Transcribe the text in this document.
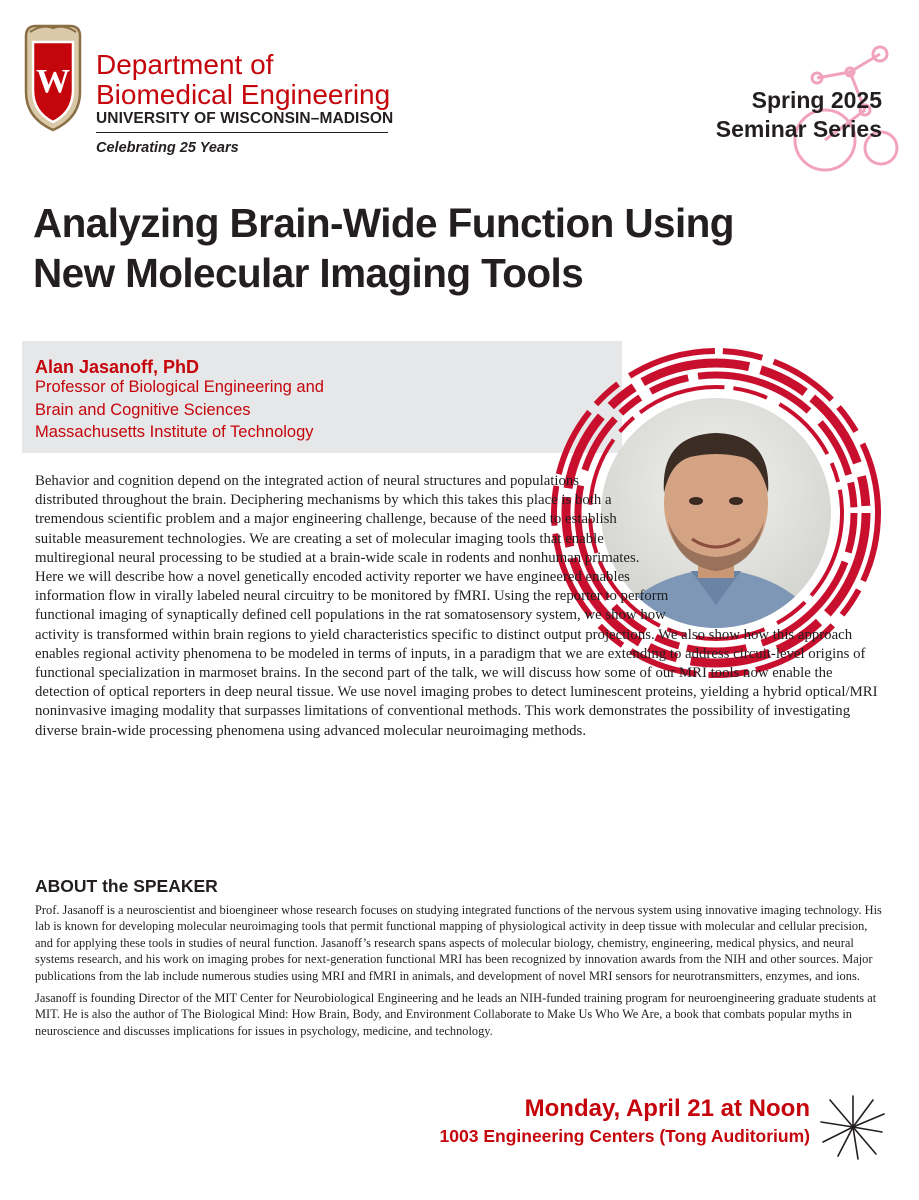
W Department of
Biomedical Engineering
UNIVERSITY OF WISCONSIN–MADISON
Celebrating 25 Years
Spring 2025
Seminar Series
Analyzing Brain-Wide Function Using
New Molecular Imaging Tools
Alan Jasanoff, PhD
Professor of Biological Engineering and
Brain and Cognitive Sciences
Massachusetts Institute of Technology
Behavior and cognition depend on the integrated action of neural structures and populations distributed throughout the brain. Deciphering mechanisms by which this takes this place is both a tremendous scientific problem and a major engineering challenge, because of the need to establish suitable measurement technologies. We are creating a set of molecular imaging tools that enable multiregional neural processing to be studied at a brain-wide scale in rodents and nonhuman primates. Here we will describe how a novel genetically encoded activity reporter we have engineered enables information flow in virally labeled neural circuitry to be monitored by fMRI. Using the reporter to perform functional imaging of synaptically defined cell populations in the rat somatosensory system, we show how activity is transformed within brain regions to yield characteristics specific to distinct output projections. We also show how this approach enables regional activity phenomena to be modeled in terms of inputs, in a paradigm that we are extending to address circuit-level origins of functional specialization in marmoset brains. In the second part of the talk, we will discuss how some of our MRI tools now enable the detection of optical reporters in deep neural tissue. We use novel imaging probes to detect luminescent proteins, yielding a hybrid optical/MRI noninvasive imaging modality that surpasses limitations of conventional methods. This work demonstrates the possibility of investigating diverse brain-wide processing phenomena using advanced molecular neuroimaging methods.
ABOUT the SPEAKER

Prof. Jasanoff is a neuroscientist and bioengineer whose research focuses on studying integrated functions of the nervous system using innovative imaging technology. His lab is known for developing molecular neuroimaging tools that permit functional mapping of physiological activity in deep tissue with molecular and cellular precision, and for applying these tools in studies of neural function. Jasanoff’s research spans aspects of molecular biology, chemistry, engineering, medical physics, and neural systems research, and his work on imaging probes for next-generation functional MRI has been recognized by innovation awards from the NIH and other sources. Major publications from the lab include numerous studies using MRI and fMRI in animals, and development of novel MRI sensors for neurotransmitters, enzymes, and ions.

Jasanoff is founding Director of the MIT Center for Neurobiological Engineering and he leads an NIH-funded training program for neuroengineering graduate students at MIT. He is also the author of The Biological Mind: How Brain, Body, and Environment Collaborate to Make Us Who We Are, a book that combats popular myths in neuroscience and discusses implications for issues in psychology, medicine, and technology.

Monday, April 21 at Noon
1003 Engineering Centers (Tong Auditorium)
